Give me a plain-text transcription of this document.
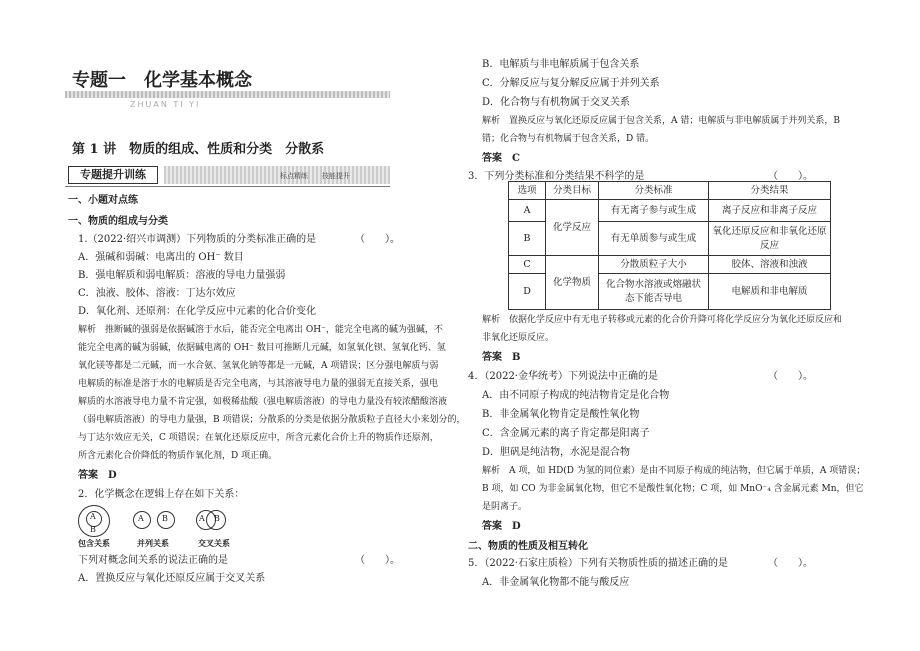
专题一　化学基本概念
ZHUAN TI YI
第 1 讲　物质的组成、性质和分类　分散系
专题提升训练	标点精练　　技能提升
一、小题对点练
一、物质的组成与分类
1.（2022·绍兴市调测）下列物质的分类标准正确的是	（　　）。
A．强碱和弱碱：电离出的 OH⁻ 数目
B．强电解质和弱电解质：溶液的导电力量强弱
C．浊液、胶体、溶液：丁达尔效应
D．氧化剂、还原剂：在化学反应中元素的化合价变化
解析　推断碱的强弱是依据碱溶于水后，能否完全电离出 OH⁻，能完全电离的碱为强碱，不
能完全电离的碱为弱碱，依据碱电离的 OH⁻ 数目可推断几元碱，如氢氧化钡、氢氧化钙、氢
氧化镁等都是二元碱，而一水合氨、氢氧化钠等都是一元碱，A 项错误；区分强电解质与弱
电解质的标准是溶于水的电解质是否完全电离，与其溶液导电力量的强弱无直接关系，强电
解质的水溶液导电力量不肯定强，如极稀盐酸（强电解质溶液）的导电力量没有较浓醋酸溶液
（弱电解质溶液）的导电力量强，B 项错误；分散系的分类是依据分散质粒子直径大小来划分的，
与丁达尔效应无关，C 项错误；在氧化还原反应中，所含元素化合价上升的物质作还原剂，
所含元素化合价降低的物质作氧化剂，D 项正确。
答案　D
2．化学概念在逻辑上存在如下关系：
A
B
A B	A B
包含关系	并列关系	交叉关系
下列对概念间关系的说法正确的是	（　　）。
A．置换反应与氧化还原反应属于交叉关系
B．电解质与非电解质属于包含关系
C．分解反应与复分解反应属于并列关系
D．化合物与有机物属于交叉关系
解析　置换反应与氧化还原反应属于包含关系，A 错；电解质与非电解质属于并列关系，B
错；化合物与有机物属于包含关系，D 错。
答案　C
3．下列分类标准和分类结果不科学的是	（　　）。
选项	分类目标	分类标准	分类结果
A	化学反应	有无离子参与或生成	离子反应和非离子反应
B		有无单质参与或生成	氧化还原反应和非氧化还原反应
C	化学物质	分散质粒子大小	胶体、溶液和浊液
D		化合物水溶液或熔融状态下能否导电	电解质和非电解质
解析　依据化学反应中有无电子转移或元素的化合价升降可将化学反应分为氧化还原反应和
非氧化还原反应。
答案　B
4．（2022·金华统考）下列说法中正确的是	（　　）。
A．由不同原子构成的纯洁物肯定是化合物
B．非金属氧化物肯定是酸性氧化物
C．含金属元素的离子肯定都是阳离子
D．胆矾是纯洁物，水泥是混合物
解析　A 项，如 HD(D 为氢的同位素）是由不同原子构成的纯洁物，但它属于单质，A 项错误；
B 项，如 CO 为非金属氧化物，但它不是酸性氧化物；C 项，如 MnO⁻₄ 含金属元素 Mn，但它
是阴离子。
答案　D
二、物质的性质及相互转化
5．（2022·石家庄质检）下列有关物质性质的描述正确的是	（　　）。
A．非金属氧化物都不能与酸反应
